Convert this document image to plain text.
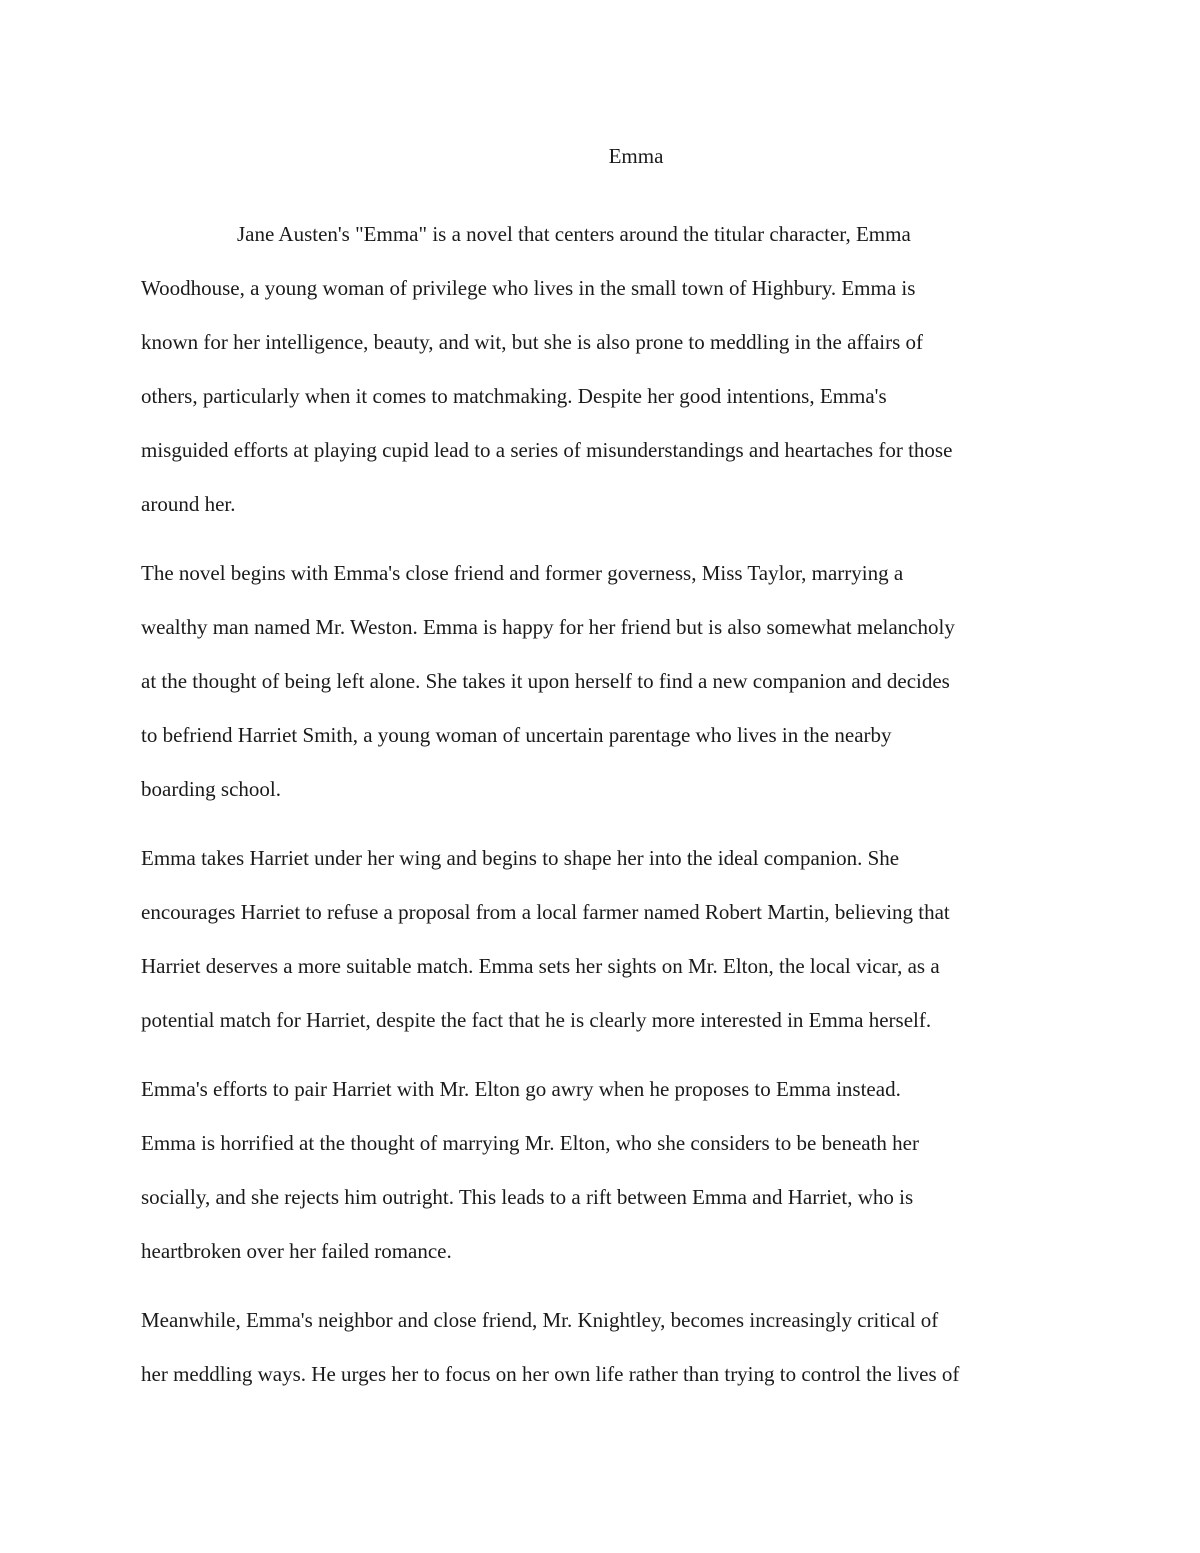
Emma

Jane Austen's "Emma" is a novel that centers around the titular character, Emma
Woodhouse, a young woman of privilege who lives in the small town of Highbury. Emma is
known for her intelligence, beauty, and wit, but she is also prone to meddling in the affairs of
others, particularly when it comes to matchmaking. Despite her good intentions, Emma's
misguided efforts at playing cupid lead to a series of misunderstandings and heartaches for those
around her.

The novel begins with Emma's close friend and former governess, Miss Taylor, marrying a
wealthy man named Mr. Weston. Emma is happy for her friend but is also somewhat melancholy
at the thought of being left alone. She takes it upon herself to find a new companion and decides
to befriend Harriet Smith, a young woman of uncertain parentage who lives in the nearby
boarding school.

Emma takes Harriet under her wing and begins to shape her into the ideal companion. She
encourages Harriet to refuse a proposal from a local farmer named Robert Martin, believing that
Harriet deserves a more suitable match. Emma sets her sights on Mr. Elton, the local vicar, as a
potential match for Harriet, despite the fact that he is clearly more interested in Emma herself.

Emma's efforts to pair Harriet with Mr. Elton go awry when he proposes to Emma instead.
Emma is horrified at the thought of marrying Mr. Elton, who she considers to be beneath her
socially, and she rejects him outright. This leads to a rift between Emma and Harriet, who is
heartbroken over her failed romance.

Meanwhile, Emma's neighbor and close friend, Mr. Knightley, becomes increasingly critical of
her meddling ways. He urges her to focus on her own life rather than trying to control the lives of
